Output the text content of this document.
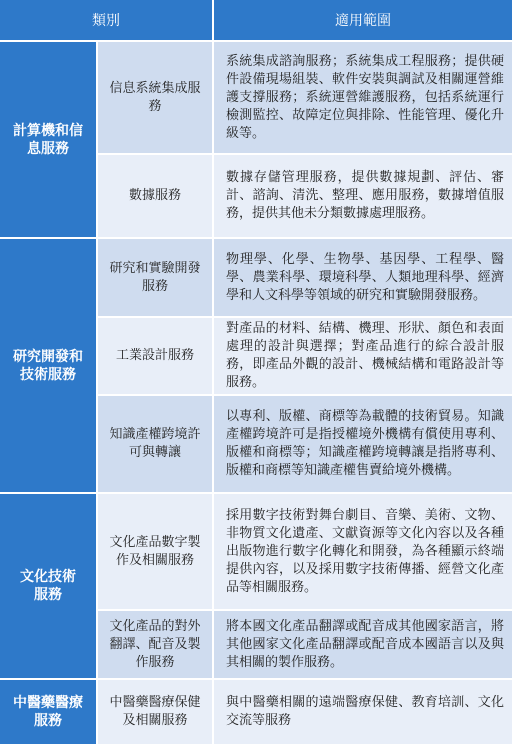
類別	適用範圍
計算機和信息服務
信息系統集成服務
系統集成諮詢服務；系統集成工程服務；提供硬件設備現場組裝、軟件安裝與調試及相關運營維護支撐服務；系統運營維護服務，包括系統運行檢測監控、故障定位與排除、性能管理、優化升級等。
數據服務
數據存儲管理服務，提供數據規劃、評估、審計、諮詢、清洗、整理、應用服務，數據增值服務，提供其他未分類數據處理服務。
研究開發和技術服務
研究和實驗開發服務
物理學、化學、生物學、基因學、工程學、醫學、農業科學、環境科學、人類地理科學、經濟學和人文科學等領域的研究和實驗開發服務。
工業設計服務
對產品的材料、結構、機理、形狀、顏色和表面處理的設計與選擇；對產品進行的綜合設計服務，即產品外觀的設計、機械結構和電路設計等服務。
知識產權跨境許可與轉讓
以專利、版權、商標等為載體的技術貿易。知識產權跨境許可是指授權境外機構有償使用專利、版權和商標等；知識產權跨境轉讓是指將專利、版權和商標等知識產權售賣給境外機構。
文化技術服務
文化產品數字製作及相關服務
採用數字技術對舞台劇目、音樂、美術、文物、非物質文化遺產、文獻資源等文化內容以及各種出版物進行數字化轉化和開發，為各種顯示終端提供內容，以及採用數字技術傳播、經營文化產品等相關服務。
文化產品的對外翻譯、配音及製作服務
將本國文化產品翻譯或配音成其他國家語言，將其他國家文化產品翻譯或配音成本國語言以及與其相關的製作服務。
中醫藥醫療服務
中醫藥醫療保健及相關服務
與中醫藥相關的遠端醫療保健、教育培訓、文化交流等服務
